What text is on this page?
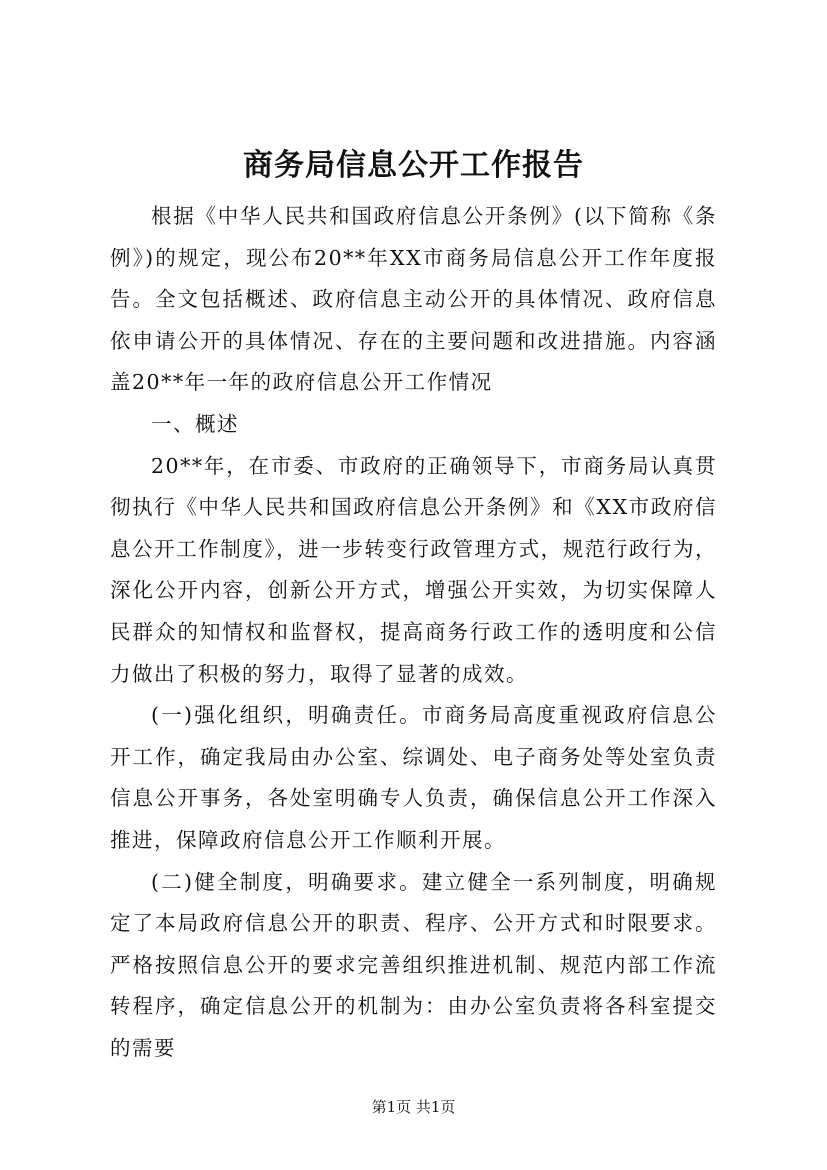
商务局信息公开工作报告

根据《中华人民共和国政府信息公开条例》(以下简称《条例》)的规定，现公布20**年XX市商务局信息公开工作年度报告。全文包括概述、政府信息主动公开的具体情况、政府信息依申请公开的具体情况、存在的主要问题和改进措施。内容涵盖20**年一年的政府信息公开工作情况

一、概述

20**年，在市委、市政府的正确领导下，市商务局认真贯彻执行《中华人民共和国政府信息公开条例》和《XX市政府信息公开工作制度》，进一步转变行政管理方式，规范行政行为，深化公开内容，创新公开方式，增强公开实效，为切实保障人民群众的知情权和监督权，提高商务行政工作的透明度和公信力做出了积极的努力，取得了显著的成效。

(一)强化组织，明确责任。市商务局高度重视政府信息公开工作，确定我局由办公室、综调处、电子商务处等处室负责信息公开事务，各处室明确专人负责，确保信息公开工作深入推进，保障政府信息公开工作顺利开展。

(二)健全制度，明确要求。建立健全一系列制度，明确规定了本局政府信息公开的职责、程序、公开方式和时限要求。严格按照信息公开的要求完善组织推进机制、规范内部工作流转程序，确定信息公开的机制为：由办公室负责将各科室提交的需要

第1页 共1页
